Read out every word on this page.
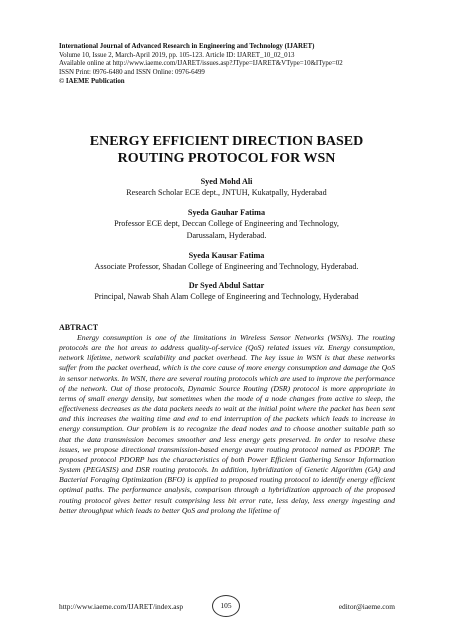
International Journal of Advanced Research in Engineering and Technology (IJARET)
Volume 10, Issue 2, March-April 2019, pp. 105-123. Article ID: IJARET_10_02_013
Available online at http://www.iaeme.com/IJARET/issues.asp?JType=IJARET&VType=10&IType=02
ISSN Print: 0976-6480 and ISSN Online: 0976-6499
© IAEME Publication
ENERGY EFFICIENT DIRECTION BASED
ROUTING PROTOCOL FOR WSN
Syed Mohd Ali
Research Scholar ECE dept., JNTUH, Kukatpally, Hyderabad
Syeda Gauhar Fatima
Professor ECE dept, Deccan College of Engineering and Technology,
Darussalam, Hyderabad.
Syeda Kausar Fatima
Associate Professor, Shadan College of Engineering and Technology, Hyderabad.
Dr Syed Abdul Sattar
Principal, Nawab Shah Alam College of Engineering and Technology, Hyderabad
ABTRACT

Energy consumption is one of the limitations in Wireless Sensor Networks (WSNs). The routing protocols are the hot areas to address quality-of-service (QoS) related issues viz. Energy consumption, network lifetime, network scalability and packet overhead. The key issue in WSN is that these networks suffer from the packet overhead, which is the core cause of more energy consumption and damage the QoS in sensor networks. In WSN, there are several routing protocols which are used to improve the performance of the network. Out of those protocols, Dynamic Source Routing (DSR) protocol is more appropriate in terms of small energy density, but sometimes when the mode of a node changes from active to sleep, the effectiveness decreases as the data packets needs to wait at the initial point where the packet has been sent and this increases the waiting time and end to end interruption of the packets which leads to increase in energy consumption. Our problem is to recognize the dead nodes and to choose another suitable path so that the data transmission becomes smoother and less energy gets preserved. In order to resolve these issues, we propose directional transmission-based energy aware routing protocol named as PDORP. The proposed protocol PDORP has the characteristics of both Power Efficient Gathering Sensor Information System (PEGASIS) and DSR routing protocols. In addition, hybridization of Genetic Algorithm (GA) and Bacterial Foraging Optimization (BFO) is applied to proposed routing protocol to identify energy efficient optimal paths. The performance analysis, comparison through a hybridization approach of the proposed routing protocol gives better result comprising less bit error rate, less delay, less energy ingesting and better throughput which leads to better QoS and prolong the lifetime of

http://www.iaeme.com/IJARET/index.asp	105	editor@iaeme.com
